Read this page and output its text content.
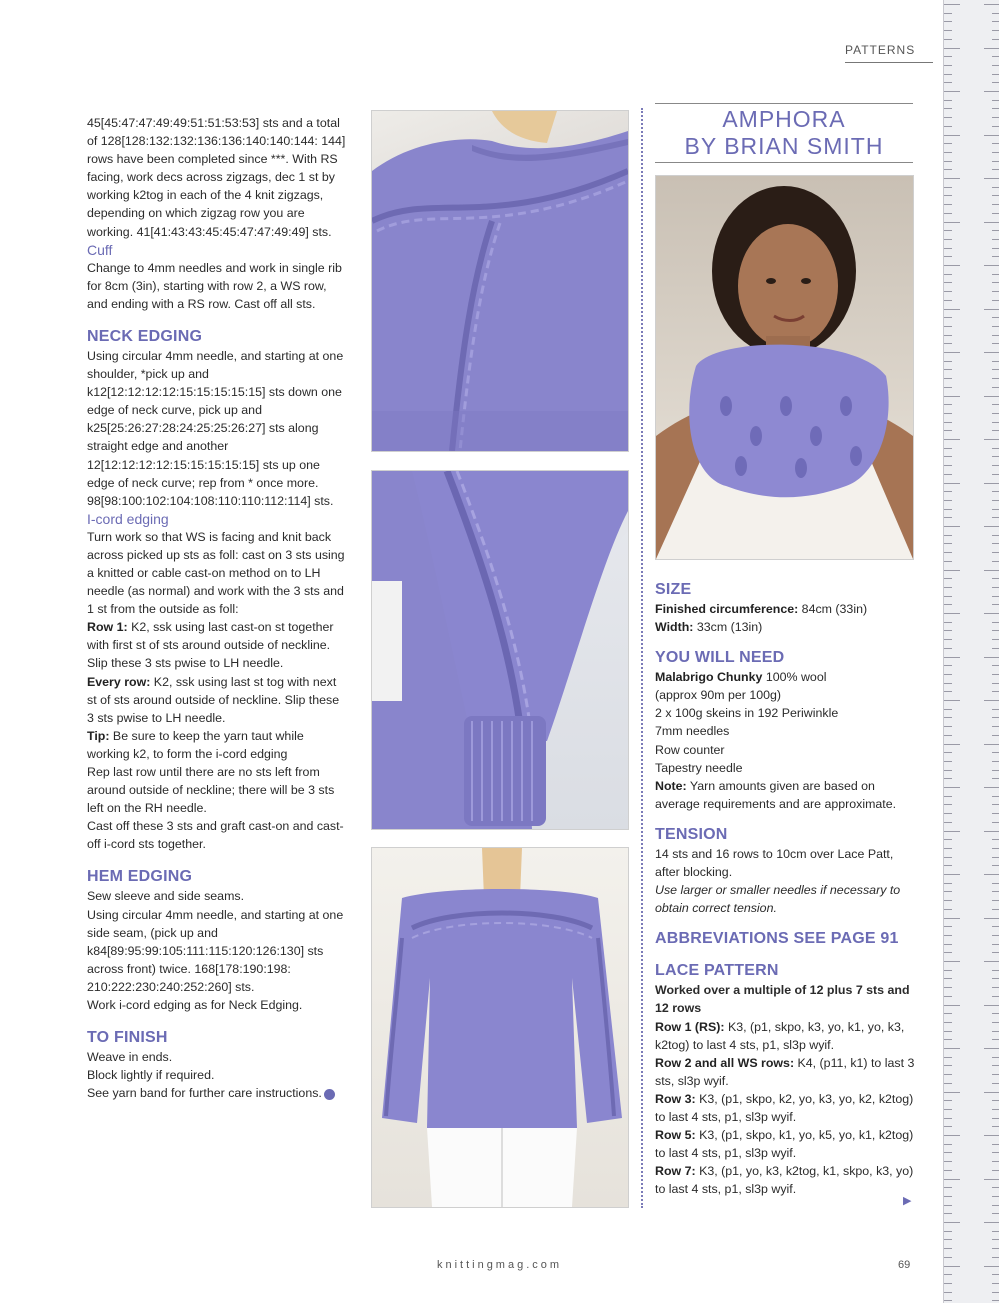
PATTERNS

45[45:47:47:49:49:51:51:53:53] sts and a total of 128[128:132:132:136:136:140:140:144: 144] rows have been completed since ***. With RS facing, work decs across zigzags, dec 1 st by working k2tog in each of the 4 knit zigzags, depending on which zigzag row you are working. 41[41:43:43:45:45:47:47:49:49] sts.

Cuff

Change to 4mm needles and work in single rib for 8cm (3in), starting with row 2, a WS row, and ending with a RS row. Cast off all sts.

NECK EDGING

Using circular 4mm needle, and starting at one shoulder, *pick up and k12[12:12:12:12:15:15:15:15:15] sts down one edge of neck curve, pick up and k25[25:26:27:28:24:25:25:26:27] sts along straight edge and another 12[12:12:12:12:15:15:15:15:15] sts up one edge of neck curve; rep from * once more. 98[98:100:102:104:108:110:110:112:114] sts.

I-cord edging

Turn work so that WS is facing and knit back across picked up sts as foll: cast on 3 sts using a knitted or cable cast-on method on to LH needle (as normal) and work with the 3 sts and 1 st from the outside as foll:

Row 1: K2, ssk using last cast-on st together with first st of sts around outside of neckline. Slip these 3 sts pwise to LH needle.

Every row: K2, ssk using last st tog with next st of sts around outside of neckline. Slip these 3 sts pwise to LH needle.

Tip: Be sure to keep the yarn taut while working k2, to form the i-cord edging

Rep last row until there are no sts left from around outside of neckline; there will be 3 sts left on the RH needle.

Cast off these 3 sts and graft cast-on and cast-off i-cord sts together.

HEM EDGING

Sew sleeve and side seams.

Using circular 4mm needle, and starting at one side seam, (pick up and k84[89:95:99:105:111:115:120:126:130] sts across front) twice. 168[178:190:198: 210:222:230:240:252:260] sts.

Work i-cord edging as for Neck Edging.

TO FINISH

Weave in ends.

Block lightly if required.

See yarn band for further care instructions.

AMPHORA
BY BRIAN SMITH
SIZE

Finished circumference: 84cm (33in)

Width: 33cm (13in)

YOU WILL NEED

Malabrigo Chunky 100% wool

(approx 90m per 100g)

2 x 100g skeins in 192 Periwinkle

7mm needles

Row counter

Tapestry needle

Note: Yarn amounts given are based on average requirements and are approximate.

TENSION

14 sts and 16 rows to 10cm over Lace Patt, after blocking.

Use larger or smaller needles if necessary to obtain correct tension.

ABBREVIATIONS SEE PAGE 91
LACE PATTERN

Worked over a multiple of 12 plus 7 sts and 12 rows

Row 1 (RS): K3, (p1, skpo, k3, yo, k1, yo, k3, k2tog) to last 4 sts, p1, sl3p wyif.

Row 2 and all WS rows: K4, (p11, k1) to last 3 sts, sl3p wyif.

Row 3: K3, (p1, skpo, k2, yo, k3, yo, k2, k2tog) to last 4 sts, p1, sl3p wyif.

Row 5: K3, (p1, skpo, k1, yo, k5, yo, k1, k2tog) to last 4 sts, p1, sl3p wyif.

Row 7: K3, (p1, yo, k3, k2tog, k1, skpo, k3, yo) to last 4 sts, p1, sl3p wyif.

▶
knittingmag.com	69
